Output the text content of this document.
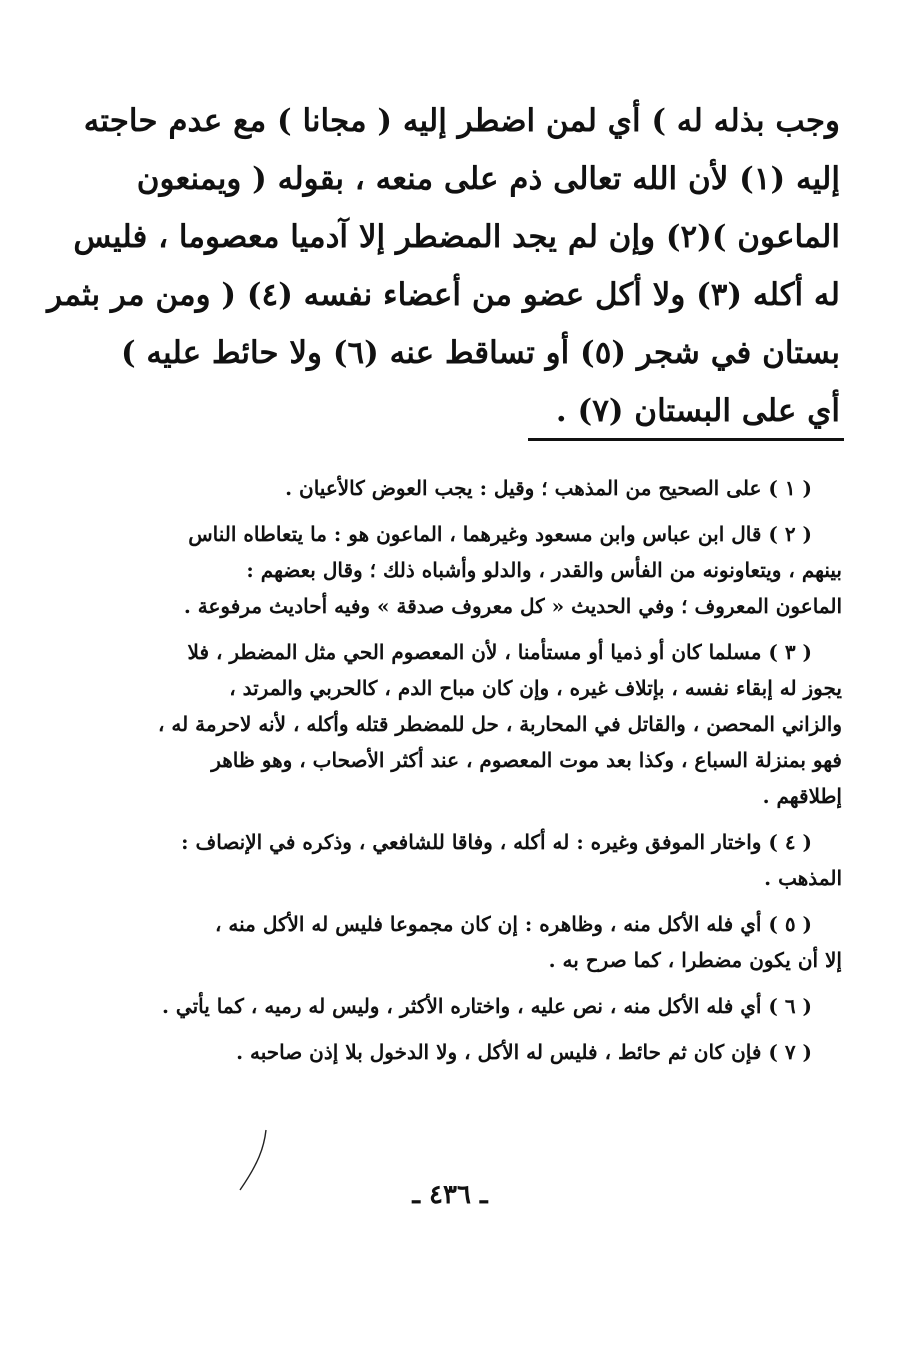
وجب بذله له ) أي لمن اضطر إليه ( مجانا ) مع عدم حاجته
إليه (١) لأن الله تعالى ذم على منعه ، بقوله ( ويمنعون
الماعون )(٢) وإن لم يجد المضطر إلا آدميا معصوما ، فليس
له أكله (٣) ولا أكل عضو من أعضاء نفسه (٤) ( ومن مر بثمر
بستان في شجر (٥) أو تساقط عنه (٦) ولا حائط عليه )
أي على البستان (٧) .
( ١ ) على الصحيح من المذهب ؛ وقيل : يجب العوض كالأعيان .
( ٢ ) قال ابن عباس وابن مسعود وغيرهما ، الماعون هو : ما يتعاطاه الناس
بينهم ، ويتعاونونه من الفأس والقدر ، والدلو وأشباه ذلك ؛ وقال بعضهم :
الماعون المعروف ؛ وفي الحديث « كل معروف صدقة » وفيه أحاديث مرفوعة .
( ٣ ) مسلما كان أو ذميا أو مستأمنا ، لأن المعصوم الحي مثل المضطر ، فلا
يجوز له إبقاء نفسه ، بإتلاف غيره ، وإن كان مباح الدم ، كالحربي والمرتد ،
والزاني المحصن ، والقاتل في المحاربة ، حل للمضطر قتله وأكله ، لأنه لاحرمة له ،
فهو بمنزلة السباع ، وكذا بعد موت المعصوم ، عند أكثر الأصحاب ، وهو ظاهر
إطلاقهم .
( ٤ ) واختار الموفق وغيره : له أكله ، وفاقا للشافعي ، وذكره في الإنصاف :
المذهب .
( ٥ ) أي فله الأكل منه ، وظاهره : إن كان مجموعا فليس له الأكل منه ،
إلا أن يكون مضطرا ، كما صرح به .
( ٦ ) أي فله الأكل منه ، نص عليه ، واختاره الأكثر ، وليس له رميه ، كما يأتي .
( ٧ ) فإن كان ثم حائط ، فليس له الأكل ، ولا الدخول بلا إذن صاحبه .
ـ ٤٣٦ ـ
